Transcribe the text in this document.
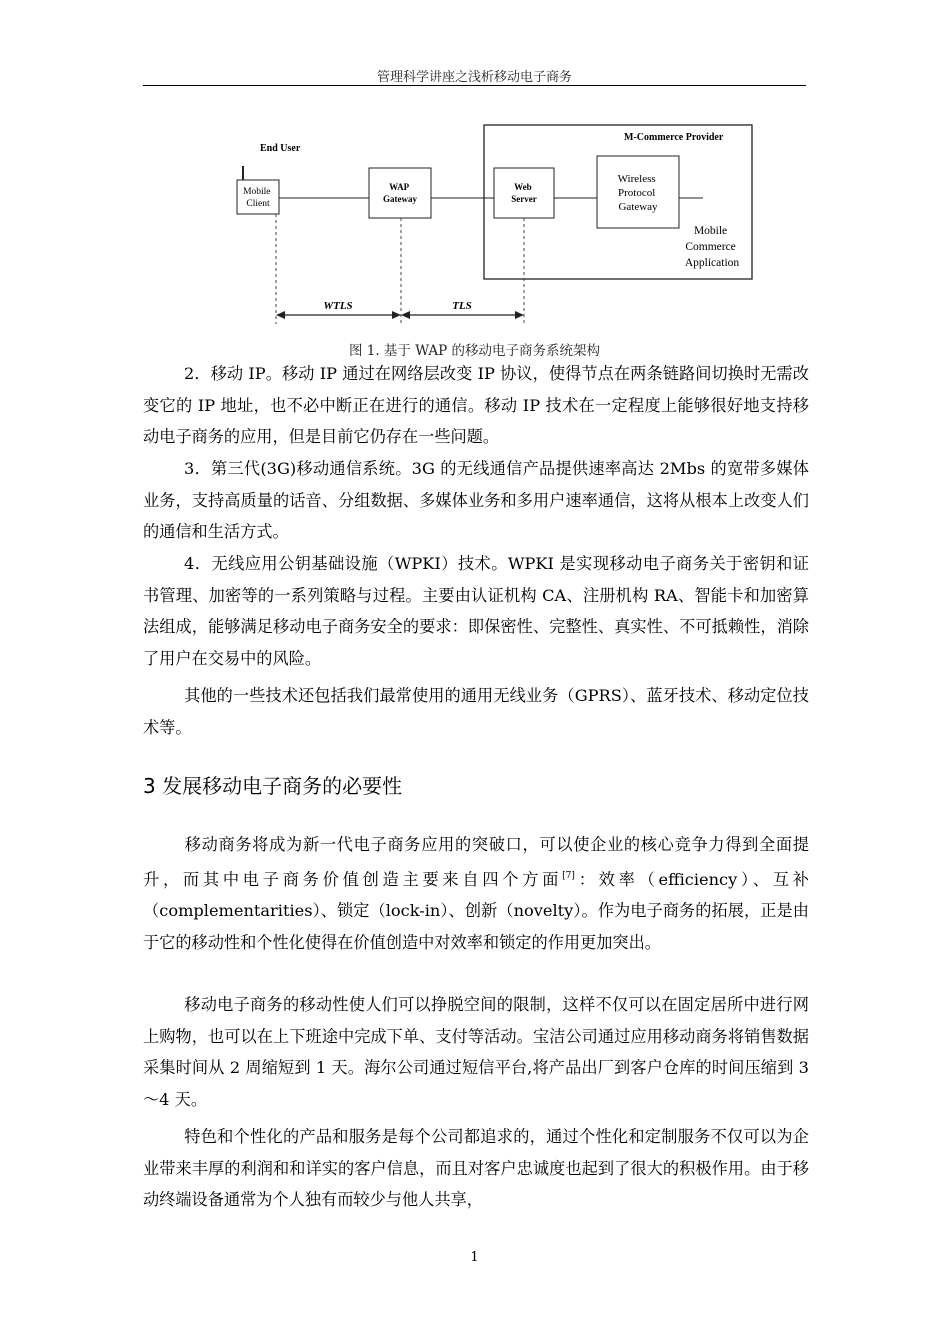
管理科学讲座之浅析移动电子商务
M-Commerce Provider
End User
Mobile Client
WAP Gateway
Web Server
Wireless Protocol Gateway
Mobile Commerce Application
WTLS	TLS
图 1. 基于 WAP 的移动电子商务系统架构

2．移动 IP。移动 IP 通过在网络层改变 IP 协议，使得节点在两条链路间切换时无需改变它的 IP 地址，也不必中断正在进行的通信。移动 IP 技术在一定程度上能够很好地支持移动电子商务的应用，但是目前它仍存在一些问题。

3．第三代(3G)移动通信系统。3G 的无线通信产品提供速率高达 2Mbs 的宽带多媒体业务，支持高质量的话音、分组数据、多媒体业务和多用户速率通信，这将从根本上改变人们的通信和生活方式。

4．无线应用公钥基础设施（WPKI）技术。WPKI 是实现移动电子商务关于密钥和证书管理、加密等的一系列策略与过程。主要由认证机构 CA、注册机构 RA、智能卡和加密算法组成，能够满足移动电子商务安全的要求：即保密性、完整性、真实性、不可抵赖性，消除了用户在交易中的风险。

其他的一些技术还包括我们最常使用的通用无线业务（GPRS）、蓝牙技术、移动定位技术等。

3 发展移动电子商务的必要性

移动商务将成为新一代电子商务应用的突破口，可以使企业的核心竞争力得到全面提升，而其中电子商务价值创造主要来自四个方面[7]：效率（efficiency）、互补（complementarities）、锁定（lock-in）、创新（novelty）。作为电子商务的拓展，正是由于它的移动性和个性化使得在价值创造中对效率和锁定的作用更加突出。

移动电子商务的移动性使人们可以挣脱空间的限制，这样不仅可以在固定居所中进行网上购物，也可以在上下班途中完成下单、支付等活动。宝洁公司通过应用移动商务将销售数据采集时间从 2 周缩短到 1 天。海尔公司通过短信平台,将产品出厂到客户仓库的时间压缩到 3～4 天。

特色和个性化的产品和服务是每个公司都追求的，通过个性化和定制服务不仅可以为企业带来丰厚的利润和和详实的客户信息，而且对客户忠诚度也起到了很大的积极作用。由于移动终端设备通常为个人独有而较少与他人共享，

1
